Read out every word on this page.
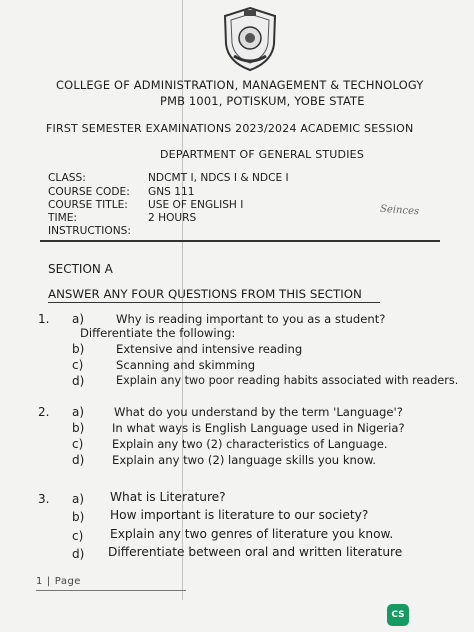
COLLEGE OF ADMINISTRATION, MANAGEMENT & TECHNOLOGY
PMB 1001, POTISKUM, YOBE STATE
FIRST SEMESTER EXAMINATIONS 2023/2024 ACADEMIC SESSION
DEPARTMENT OF GENERAL STUDIES
CLASS:	NDCMT I, NDCS I & NDCE I
COURSE CODE: GNS 111
COURSE TITLE: USE OF ENGLISH I
TIME:	2 HOURS
INSTRUCTIONS:
Seinces
SECTION A
ANSWER ANY FOUR QUESTIONS FROM THIS SECTION
1. a)	Why is reading important to you as a student?
Differentiate the following:
b)	Extensive and intensive reading
c)	Scanning and skimming
d)	Explain any two poor reading habits associated with readers.
2. a)	What do you understand by the term 'Language'?
b) In what ways is English Language used in Nigeria?
c)	Explain any two (2) characteristics of Language.
d) Explain any two (2) language skills you know.
3. a) What is Literature?
b) How important is literature to our society?
c) Explain any two genres of literature you know.
d) Differentiate between oral and written literature
1 | Page
CS
